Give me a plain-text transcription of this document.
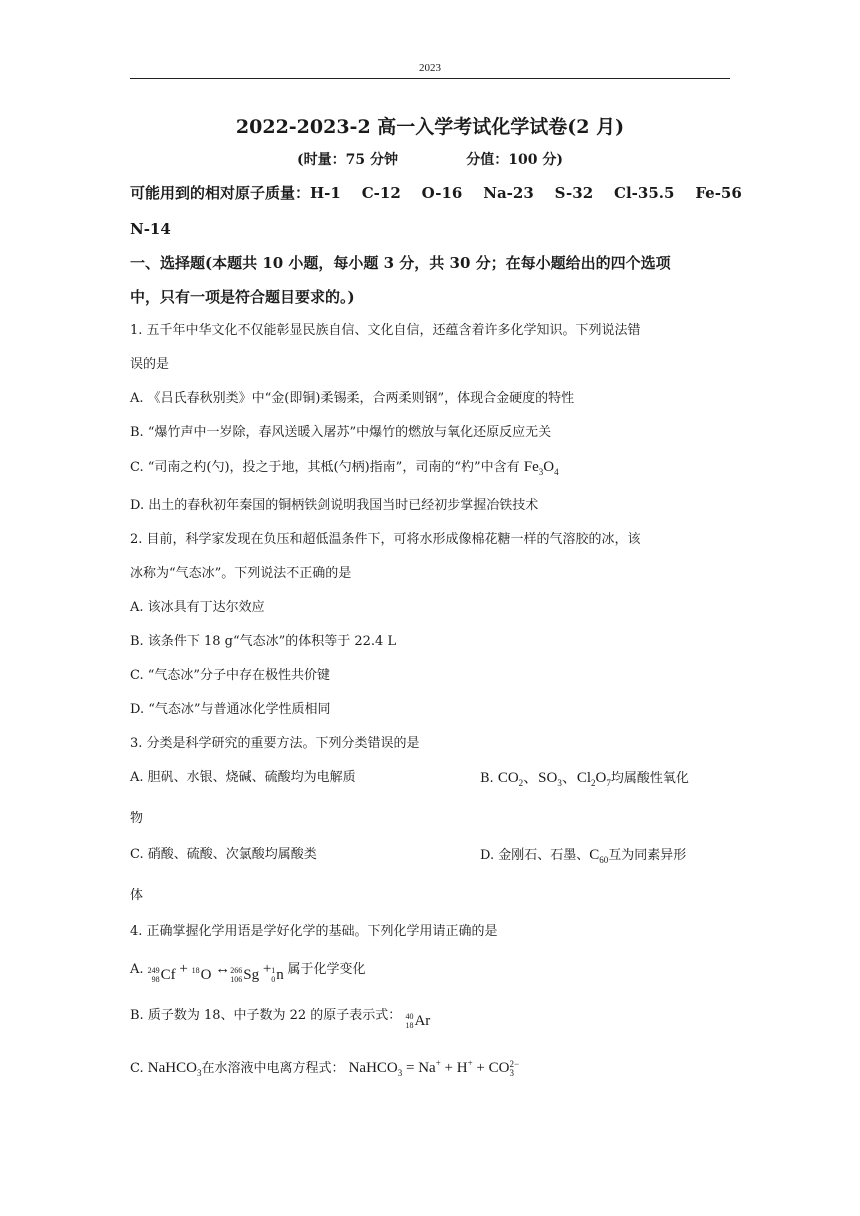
2023
2022-2023-2 高一入学考试化学试卷(2 月)
(时量：75 分钟              分值：100 分)
可能用到的相对原子质量：H-1    C-12    O-16    Na-23    S-32    Cl-35.5    Fe-56
N-14
一、选择题(本题共 10 小题，每小题 3 分，共 30 分；在每小题给出的四个选项
中，只有一项是符合题目要求的。)
1. 五千年中华文化不仅能彰显民族自信、文化自信，还蕴含着许多化学知识。下列说法错
误的是
A. 《吕氏春秋别类》中“金(即铜)柔锡柔，合两柔则钢”，体现合金硬度的特性
B. “爆竹声中一岁除，春风送暖入屠苏”中爆竹的燃放与氧化还原反应无关
C. “司南之杓(勺)，投之于地，其柢(勺柄)指南”，司南的“杓”中含有 $Fe_3O_4$
D. 出土的春秋初年秦国的铜柄铁剑说明我国当时已经初步掌握冶铁技术
2. 目前，科学家发现在负压和超低温条件下，可将水形成像棉花糖一样的气溶胶的冰，该
冰称为“气态冰”。下列说法不正确的是
A. 该冰具有丁达尔效应
B. 该条件下 18 g“气态冰”的体积等于 22.4 L
C. “气态冰”分子中存在极性共价键
D. “气态冰”与普通冰化学性质相同
3. 分类是科学研究的重要方法。下列分类错误的是
A. 胆矾、水银、烧碱、硫酸均为电解质	B. $CO_2$、$SO_3$、$Cl_2O_7$均属酸性氧化
物
C. 硝酸、硫酸、次氯酸均属酸类	D. 金刚石、石墨、$C_{60}$互为同素异形
体
4. 正确掌握化学用语是学好化学的基础。下列化学用请正确的是
A. 249
98 Cf + 18
O ↔ 266
106 Sg + 1
0 n 属于化学变化
B. 质子数为 18、中子数为 22 的原子表示式： 40
18 Ar
C. NaHCO$_3$在水溶液中电离方程式： NaHCO$_3$ = Na+ + H+ + CO 2−
3
